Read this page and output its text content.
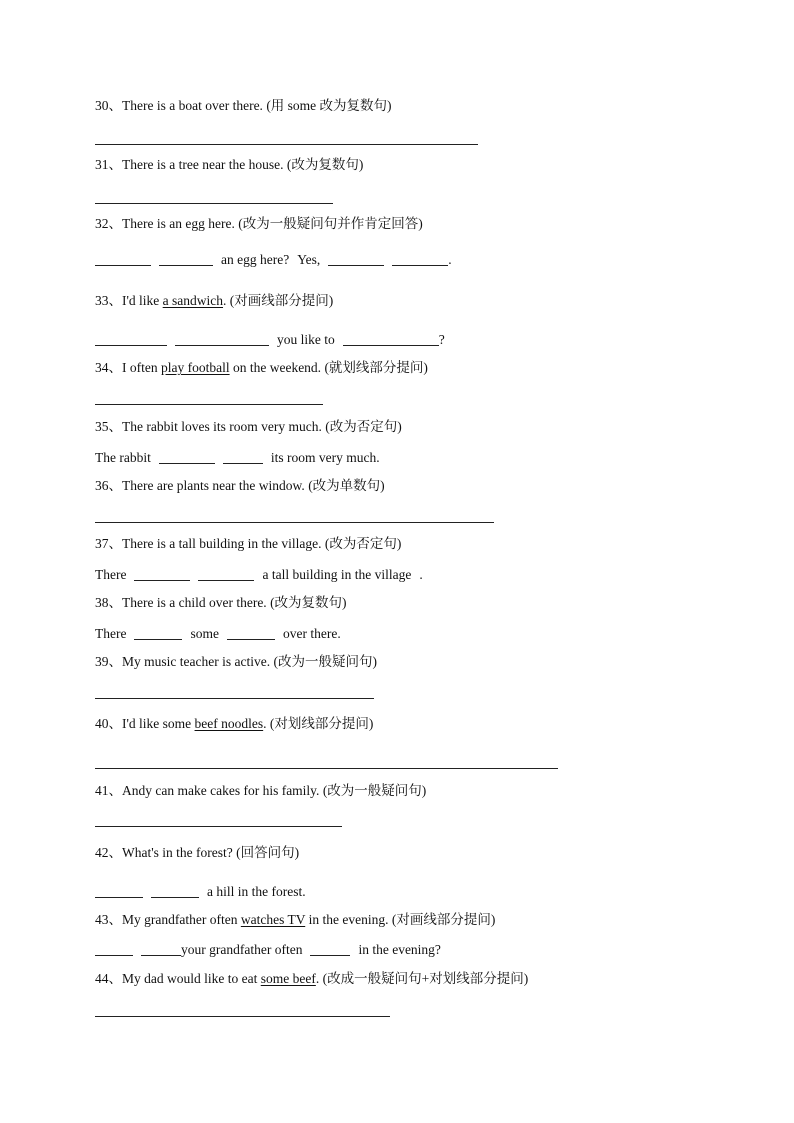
30、There is a boat over there. (用 some 改为复数句)
31、There is a tree near the house. (改为复数句)
32、There is an egg here. (改为一般疑问句并作肯定回答)
an egg here? Yes,	.
33、I'd like a sandwich. (对画线部分提问)
you like to	?
34、I often play football on the weekend. (就划线部分提问)
35、The rabbit loves its room very much. (改为否定句)
The rabbit	its room very much.
36、There are plants near the window. (改为单数句)
37、There is a tall building in the village. (改为否定句)
There	a tall building in the village .
38、There is a child over there. (改为复数句)
There	some	over there.
39、My music teacher is active. (改为一般疑问句)
40、I'd like some beef noodles. (对划线部分提问)
41、Andy can make cakes for his family. (改为一般疑问句)
42、What's in the forest? (回答问句)
a hill in the forest.
43、My grandfather often watches TV in the evening. (对画线部分提问)
your grandfather often	in the evening?
44、My dad would like to eat some beef. (改成一般疑问句+对划线部分提问)
